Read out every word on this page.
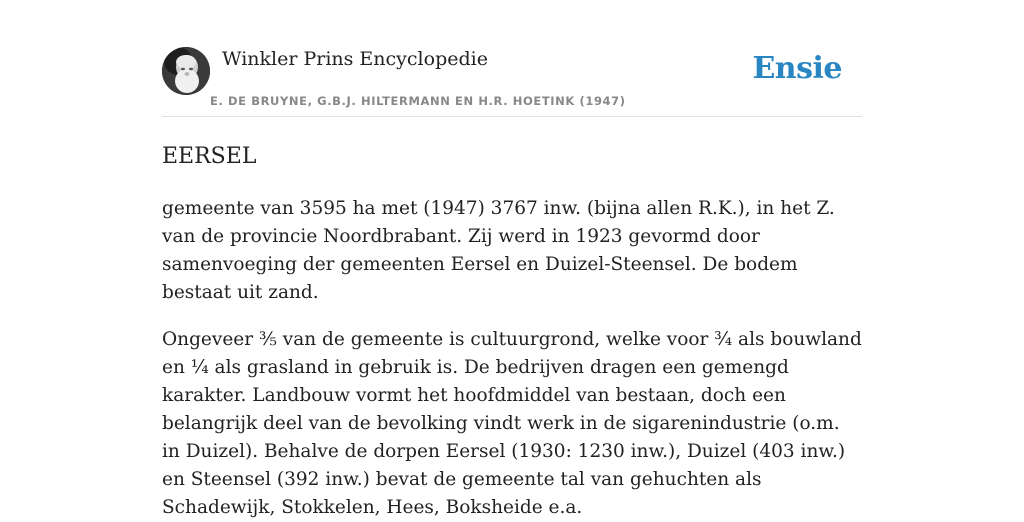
Winkler Prins Encyclopedie
E. DE BRUYNE, G.B.J. HILTERMANN EN H.R. HOETINK (1947)
Ensie
EERSEL

gemeente van 3595 ha met (1947) 3767 inw. (bijna allen R.K.), in het Z. van de provincie Noordbrabant. Zij werd in 1923 gevormd door samenvoeging der gemeenten Eersel en Duizel-Steensel. De bodem bestaat uit zand.

Ongeveer ⅗ van de gemeente is cultuurgrond, welke voor ¾ als bouwland en ¼ als grasland in gebruik is. De bedrijven dragen een gemengd karakter. Landbouw vormt het hoofdmiddel van bestaan, doch een belangrijk deel van de bevolking vindt werk in de sigarenindustrie (o.m. in Duizel). Behalve de dorpen Eersel (1930: 1230 inw.), Duizel (403 inw.) en Steensel (392 inw.) bevat de gemeente tal van gehuchten als Schadewijk, Stokkelen, Hees, Boksheide e.a.
